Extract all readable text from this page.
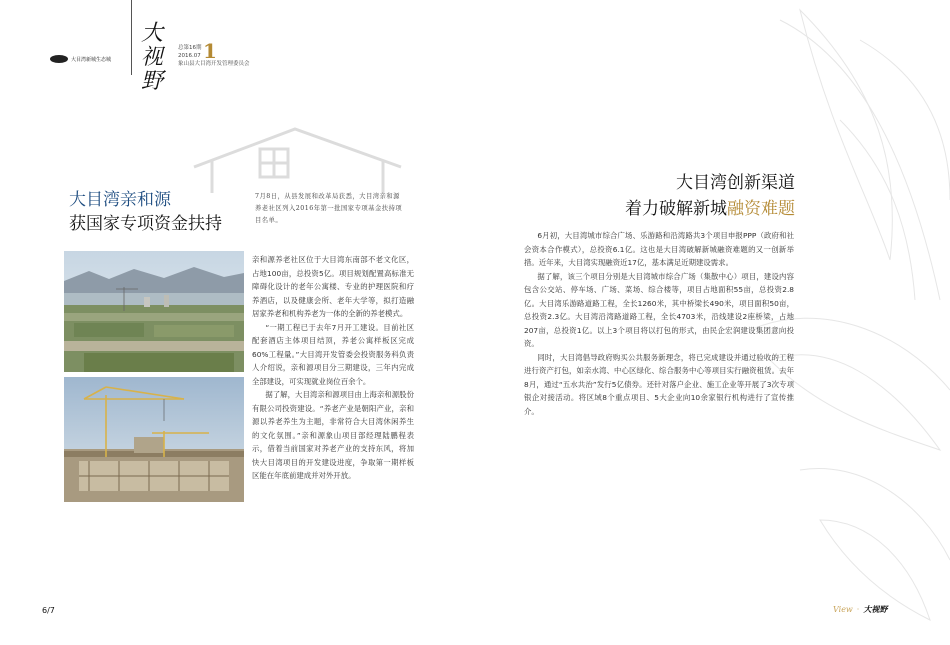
大目湾新城生态城
大视野
总第16期
2016.07
象山县大目湾开发管理委员会
1
大目湾亲和源
获国家专项资金扶持
7月8日，从县发展和改革局获悉，大目湾亲和源养老社区列入2016年第一批国家专项基金扶持项目名单。

亲和源养老社区位于大目湾东南部不老文化区，占地100亩，总投资5亿。项目规划配置高标准无障碍化设计的老年公寓楼、专业的护理医院和疗养酒店，以及健康会所、老年大学等，拟打造融居家养老和机构养老为一体的全新的养老模式。

“一期工程已于去年7月开工建设。目前社区配套酒店主体项目结顶，养老公寓样板区完成60%工程量。”大目湾开发管委会投资服务科负责人介绍说，亲和源项目分三期建设，三年内完成全部建设，可实现就业岗位百余个。

据了解，大目湾亲和源项目由上海亲和源股份有限公司投资建设。“养老产业是朝阳产业，亲和源以养老养生为主题，非常符合大目湾休闲养生的文化氛围。”亲和源象山项目部经理陆鹏程表示，借着当前国家对养老产业的支持东风，将加快大目湾项目的开发建设进度，争取第一期样板区能在年底前建成并对外开放。

大目湾创新渠道
着力破解新城融资难题

6月初，大目湾城市综合广场、乐游路和沿湾路共3个项目申报PPP（政府和社会资本合作模式），总投资6.1亿。这也是大目湾破解新城融资难题的又一创新举措。近年来，大目湾实现融资近17亿，基本满足近期建设需求。

据了解，该三个项目分别是大目湾城市综合广场（集散中心）项目，建设内容包含公交站、停车场、广场、菜场、综合楼等，项目占地面积55亩，总投资2.8亿。大目湾乐游路道路工程，全长1260米，其中桥梁长490米，项目面积50亩，总投资2.3亿。大目湾沿湾路道路工程，全长4703米，沿线建设2座桥梁，占地207亩，总投资1亿。以上3个项目将以打包的形式，由民企宏润建设集团意向投资。

同时，大目湾倡导政府购买公共服务新理念，将已完成建设并通过验收的工程进行资产打包，如亲水湾、中心区绿化、综合服务中心等项目实行融资租赁。去年8月，通过“五水共治”发行5亿债券。还针对落户企业、施工企业等开展了3次专项银企对接活动。将区域8个重点项目、5大企业向10余家银行机构进行了宣传推介。

6/7	View · 大视野
